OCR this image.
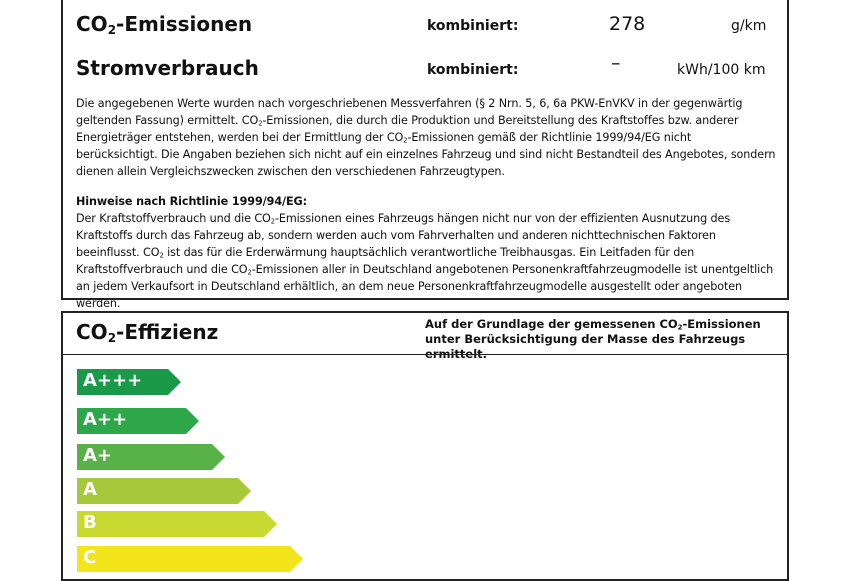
$CO_2$-Emissionen	kombiniert:	278	g/km
Stromverbrauch	kombiniert:	–	kWh/100 km
Die angegebenen Werte wurden nach vorgeschriebenen Messverfahren (§ 2 Nrn. 5, 6, 6a PKW-EnVKV in der gegenwärtig geltenden Fassung) ermittelt. $CO_2$-Emissionen, die durch die Produktion und Bereitstellung des Kraftstoffes bzw. anderer Energieträger entstehen, werden bei der Ermittlung der $CO_2$-Emissionen gemäß der Richtlinie 1999/94/EG nicht berücksichtigt. Die Angaben beziehen sich nicht auf ein einzelnes Fahrzeug und sind nicht Bestandteil des Angebotes, sondern dienen allein Vergleichszwecken zwischen den verschiedenen Fahrzeugtypen.
Hinweise nach Richtlinie 1999/94/EG:
Der Kraftstoffverbrauch und die $CO_2$-Emissionen eines Fahrzeugs hängen nicht nur von der effizienten Ausnutzung des Kraftstoffs durch das Fahrzeug ab, sondern werden auch vom Fahrverhalten und anderen nichttechnischen Faktoren beeinflusst. $CO_2$ ist das für die Erderwärmung hauptsächlich verantwortliche Treibhausgas. Ein Leitfaden für den Kraftstoffverbrauch und die $CO_2$-Emissionen aller in Deutschland angebotenen Personenkraftfahrzeugmodelle ist unentgeltlich an jedem Verkaufsort in Deutschland erhältlich, an dem neue Personenkraftfahrzeugmodelle ausgestellt oder angeboten werden.
$CO_2$-Effizienz	Auf der Grundlage der gemessenen $CO_2$-Emissionen unter Berücksichtigung der Masse des Fahrzeugs ermittelt.
A+++
A++
A+
A
B
C
